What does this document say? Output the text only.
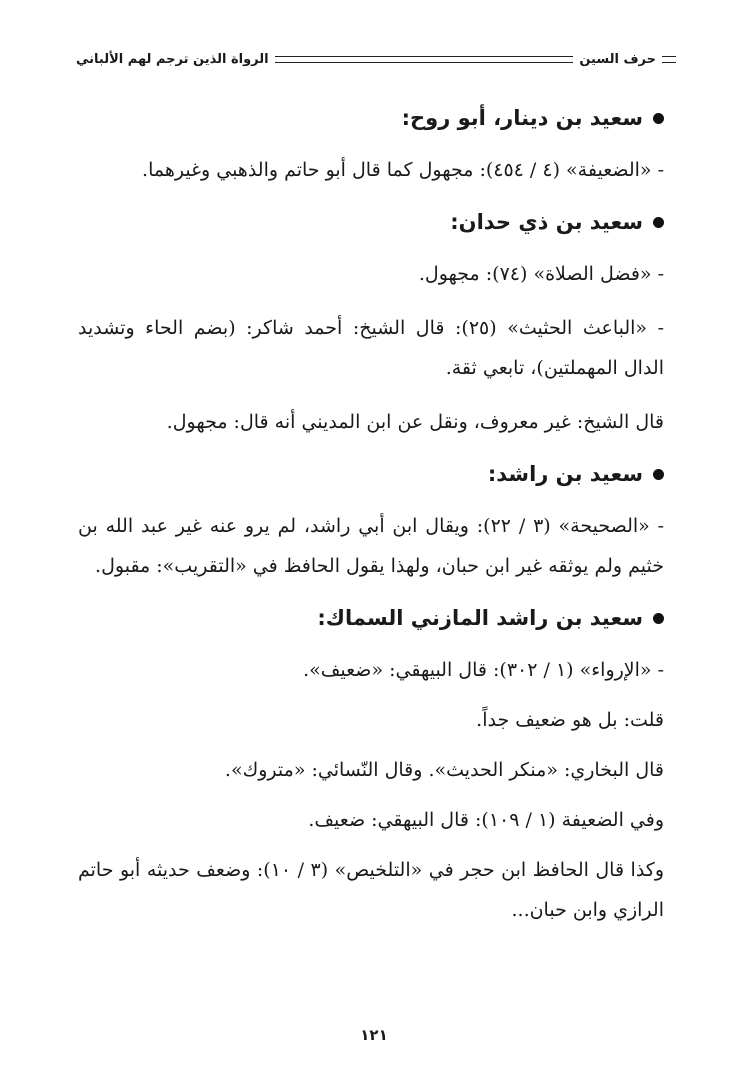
حرف السين
الرواة الذين ترجم لهم الألباني
سعيد بن دينار، أبو روح:

- «الضعيفة» (٤ / ٤٥٤): مجهول كما قال أبو حاتم والذهبي وغيرهما.

سعيد بن ذي حدان:

- «فضل الصلاة» (٧٤): مجهول.

- «الباعث الحثيث» (٢٥): قال الشيخ: أحمد شاكر: (بضم الحاء وتشديد الدال المهملتين)، تابعي ثقة.

قال الشيخ: غير معروف، ونقل عن ابن المديني أنه قال: مجهول.

سعيد بن راشد:

- «الصحيحة» (٣ / ٢٢): ويقال ابن أبي راشد، لم يرو عنه غير عبد الله بن خثيم ولم يوثقه غير ابن حبان، ولهذا يقول الحافظ في «التقريب»: مقبول.

سعيد بن راشد المازني السماك:

- «الإرواء» (١ / ٣٠٢): قال البيهقي: «ضعيف».

قلت: بل هو ضعيف جداً.

قال البخاري: «منكر الحديث». وقال النّسائي: «متروك».

وفي الضعيفة (١ / ١٠٩): قال البيهقي: ضعيف.

وكذا قال الحافظ ابن حجر في «التلخيص» (٣ / ١٠): وضعف حديثه أبو حاتم الرازي وابن حبان...

١٢١
